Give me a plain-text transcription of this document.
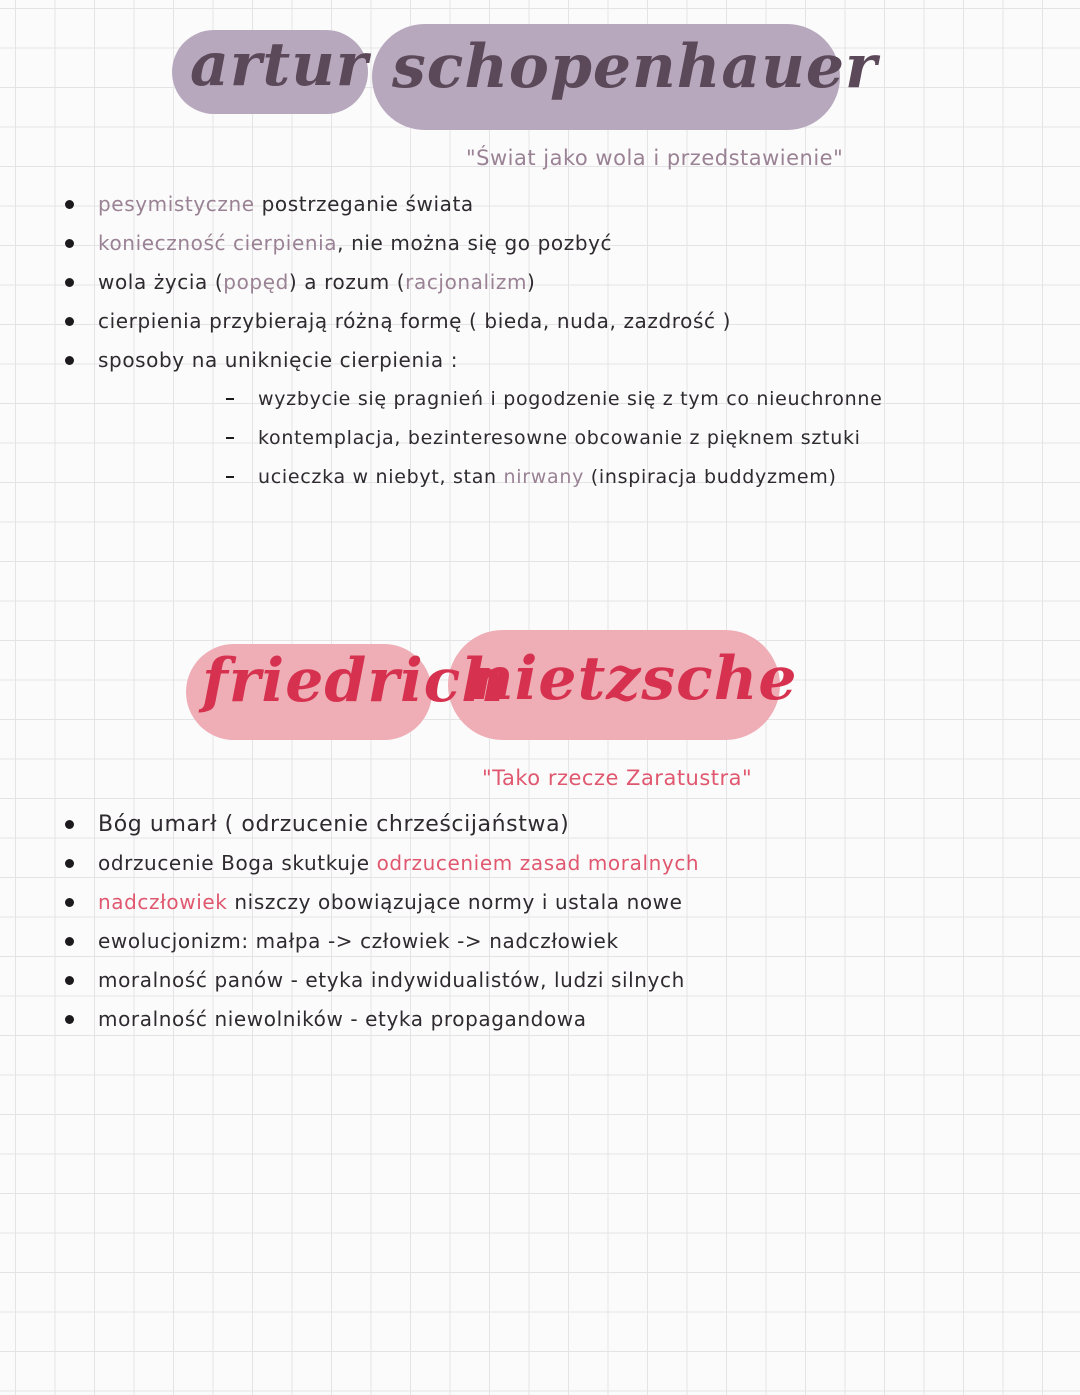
artur schopenhauer
"Świat jako wola i przedstawienie"
pesymistyczne postrzeganie świata
konieczność cierpienia, nie można się go pozbyć
wola życia (popęd) a rozum (racjonalizm)
cierpienia przybierają różną formę ( bieda, nuda, zazdrość )
sposoby na uniknięcie cierpienia :
wyzbycie się pragnień i pogodzenie się z tym co nieuchronne
kontemplacja, bezinteresowne obcowanie z pięknem sztuki
ucieczka w niebyt, stan nirwany (inspiracja buddyzmem)
friedrich
nietzsche
"Tako rzecze Zaratustra"
Bóg umarł ( odrzucenie chrześcijaństwa)
odrzucenie Boga skutkuje odrzuceniem zasad moralnych
nadczłowiek niszczy obowiązujące normy i ustala nowe
ewolucjonizm: małpa -> człowiek -> nadczłowiek
moralność panów - etyka indywidualistów, ludzi silnych
moralność niewolników - etyka propagandowa
